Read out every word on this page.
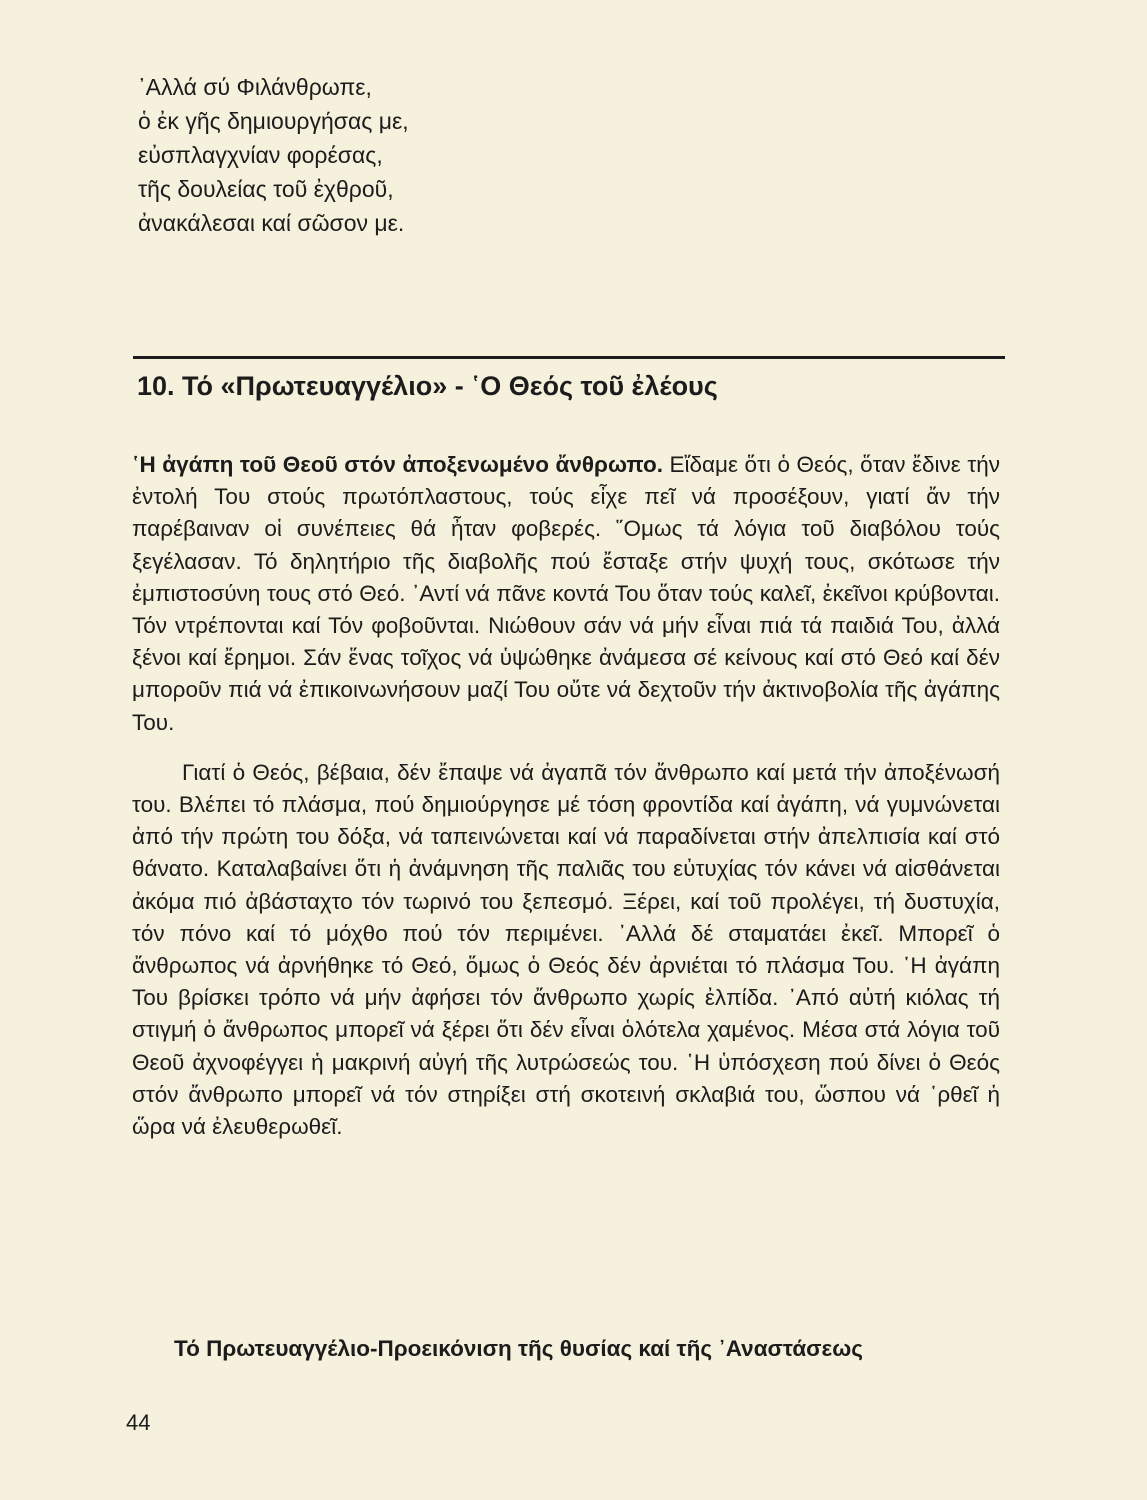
᾿Αλλά σύ Φιλάνθρωπε,
ὁ ἐκ γῆς δημιουργήσας με,
εὐσπλαγχνίαν φορέσας,
τῆς δουλείας τοῦ ἐχθροῦ,
ἀνακάλεσαι καί σῶσον με.
10. Τό «Πρωτευαγγέλιο» - ῾Ο Θεός τοῦ ἐλέους

῾Η ἀγάπη τοῦ Θεοῦ στόν ἀποξενωμένο ἄνθρωπο. Εἴδαμε ὅτι ὁ Θεός, ὅταν ἔδινε τήν ἐντολή Του στούς πρωτόπλαστους, τούς εἶχε πεῖ νά προσέξουν, γιατί ἄν τήν παρέβαιναν οἱ συνέπειες θά ἦταν φοβερές. ῞Ομως τά λόγια τοῦ διαβόλου τούς ξεγέλασαν. Τό δηλητήριο τῆς διαβολῆς πού ἔσταξε στήν ψυχή τους, σκότωσε τήν ἐμπιστοσύνη τους στό Θεό. ᾿Αντί νά πᾶνε κοντά Του ὅταν τούς καλεῖ, ἐκεῖνοι κρύβονται. Τόν ντρέπονται καί Τόν φοβοῦνται. Νιώθουν σάν νά μήν εἶναι πιά τά παιδιά Του, ἀλλά ξένοι καί ἔρημοι. Σάν ἕνας τοῖχος νά ὑψώθηκε ἀνάμεσα σέ κείνους καί στό Θεό καί δέν μποροῦν πιά νά ἐπικοινωνήσουν μαζί Του οὔτε νά δεχτοῦν τήν ἀκτινοβολία τῆς ἀγάπης Του.

Γιατί ὁ Θεός, βέβαια, δέν ἔπαψε νά ἀγαπᾶ τόν ἄνθρωπο καί μετά τήν ἀποξένωσή του. Βλέπει τό πλάσμα, πού δημιούργησε μέ τόση φροντίδα καί ἀγάπη, νά γυμνώνεται ἀπό τήν πρώτη του δόξα, νά ταπεινώνεται καί νά παραδίνεται στήν ἀπελπισία καί στό θάνατο. Καταλαβαίνει ὅτι ἡ ἀνάμνηση τῆς παλιᾶς του εὐτυχίας τόν κάνει νά αἰσθάνεται ἀκόμα πιό ἀβάσταχτο τόν τωρινό του ξεπεσμό. Ξέρει, καί τοῦ προλέγει, τή δυστυχία, τόν πόνο καί τό μόχθο πού τόν περιμένει. ᾿Αλλά δέ σταματάει ἐκεῖ. Μπορεῖ ὁ ἄνθρωπος νά ἀρνήθηκε τό Θεό, ὅμως ὁ Θεός δέν ἀρνιέται τό πλάσμα Του. ῾Η ἀγάπη Του βρίσκει τρόπο νά μήν ἀφήσει τόν ἄνθρωπο χωρίς ἐλπίδα. ᾿Από αὐτή κιόλας τή στιγμή ὁ ἄνθρωπος μπορεῖ νά ξέρει ὅτι δέν εἶναι ὁλότελα χαμένος. Μέσα στά λόγια τοῦ Θεοῦ ἀχνοφέγγει ἡ μακρινή αὐγή τῆς λυτρώσεώς του. ῾Η ὑπόσχεση πού δίνει ὁ Θεός στόν ἄνθρωπο μπορεῖ νά τόν στηρίξει στή σκοτεινή σκλαβιά του, ὥσπου νά ῾ρθεῖ ἡ ὥρα νά ἐλευθερωθεῖ.

Τό Πρωτευαγγέλιο-Προεικόνιση τῆς θυσίας καί τῆς ᾿Αναστάσεως
44
